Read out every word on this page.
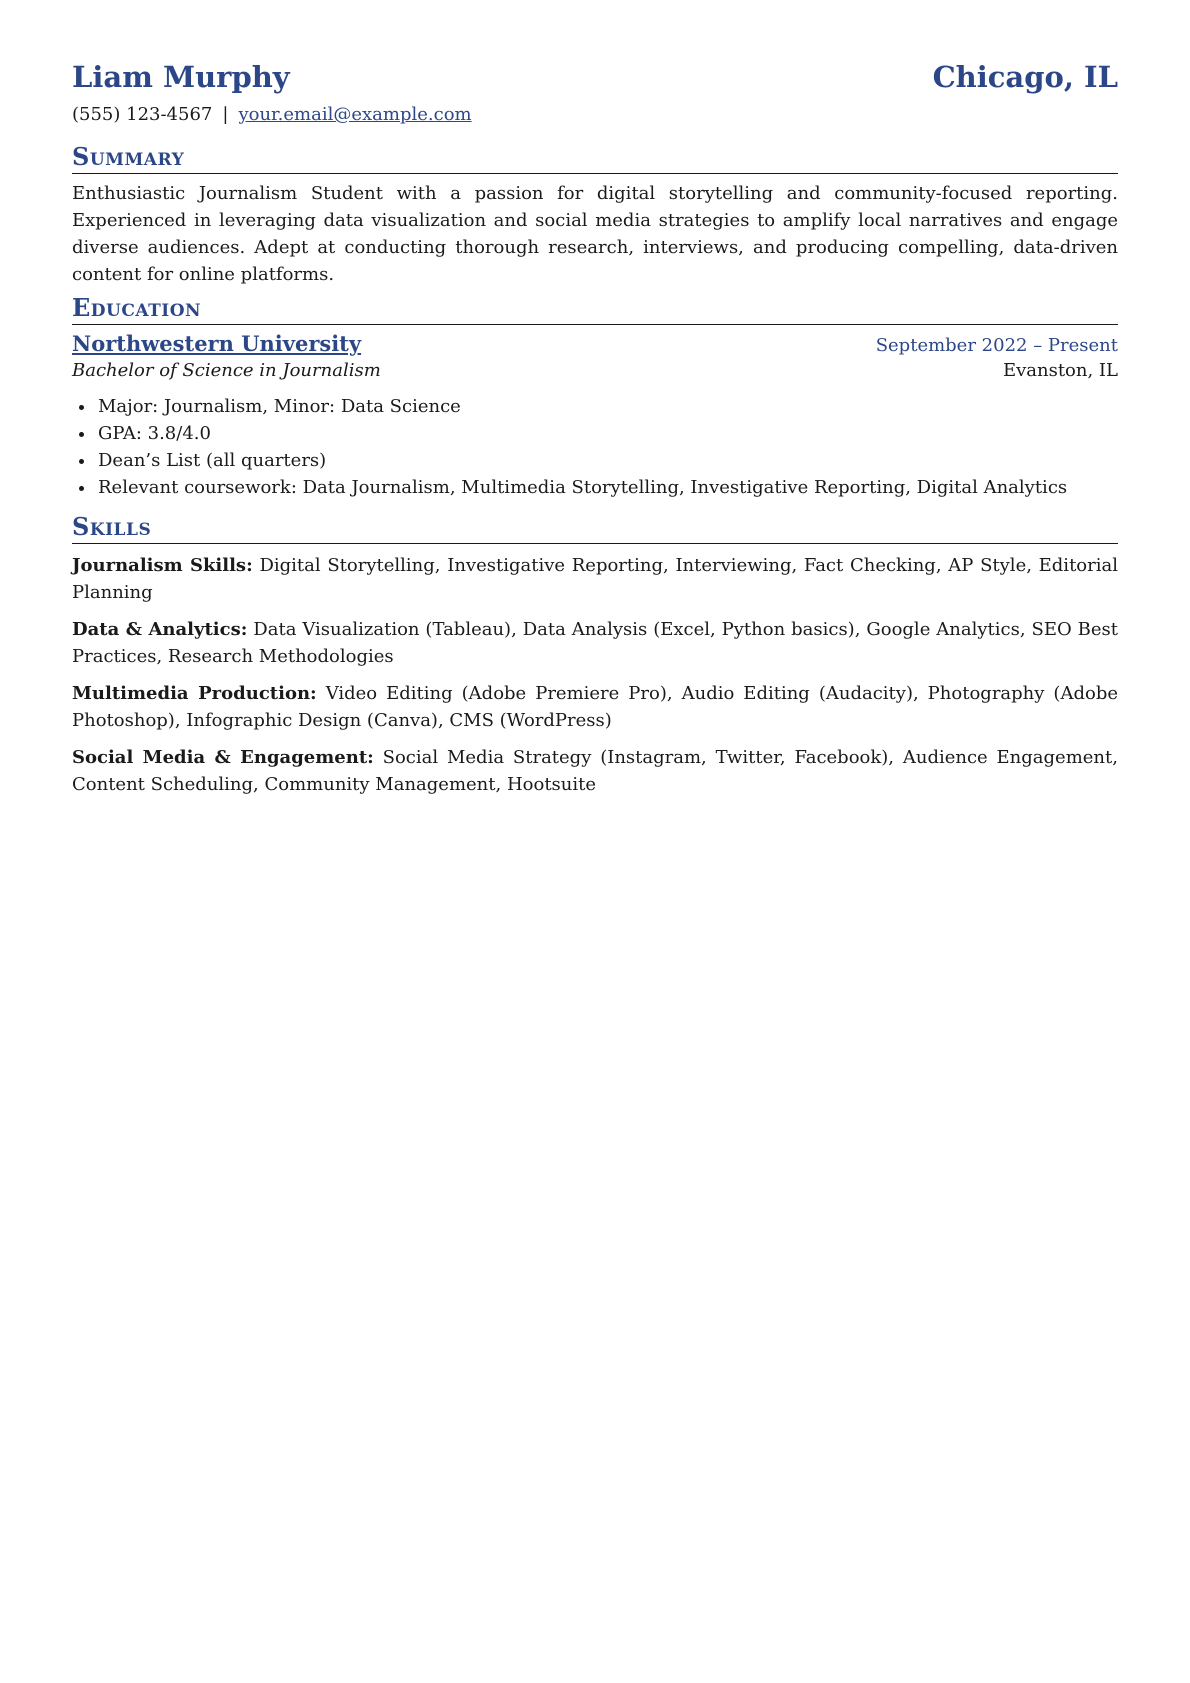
Liam Murphy	Chicago, IL
(555) 123-4567 | your.email@example.com
Summary
Enthusiastic Journalism Student with a passion for digital storytelling and community-focused reporting. Experienced in leveraging data visualization and social media strategies to amplify local narratives and engage diverse audiences. Adept at conducting thorough research, interviews, and producing compelling, data-driven content for online platforms.
Education
Northwestern University	September 2022 – Present
Bachelor of Science in Journalism	Evanston, IL
• Major: Journalism, Minor: Data Science
• GPA: 3.8/4.0
• Dean’s List (all quarters)
• Relevant coursework: Data Journalism, Multimedia Storytelling, Investigative Reporting, Digital Analytics
Skills
Journalism Skills: Digital Storytelling, Investigative Reporting, Interviewing, Fact Checking, AP Style, Editorial Planning
Data & Analytics: Data Visualization (Tableau), Data Analysis (Excel, Python basics), Google Analytics, SEO Best Practices, Research Methodologies
Multimedia Production: Video Editing (Adobe Premiere Pro), Audio Editing (Audacity), Photography (Adobe Photoshop), Infographic Design (Canva), CMS (WordPress)
Social Media & Engagement: Social Media Strategy (Instagram, Twitter, Facebook), Audience Engagement, Content Scheduling, Community Management, Hootsuite
